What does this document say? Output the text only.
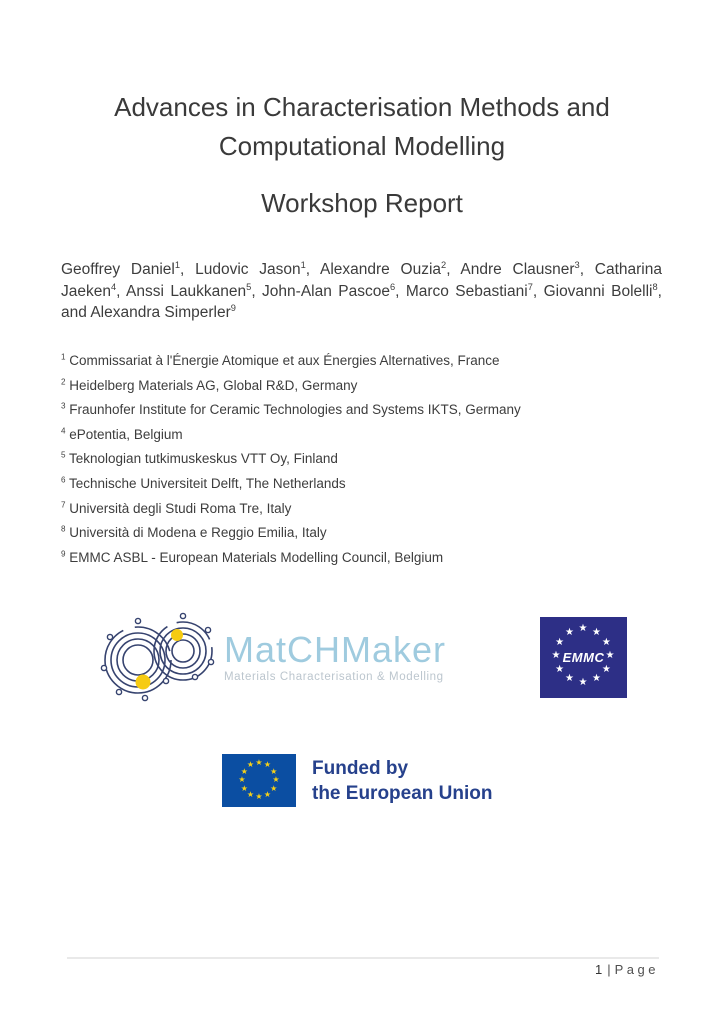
Advances in Characterisation Methods and
Computational Modelling
Workshop Report

Geoffrey Daniel$^1$, Ludovic Jason$^1$, Alexandre Ouzia$^2$, Andre Clausner$^3$, Catharina Jaeken$^4$, Anssi Laukkanen$^5$, John-Alan Pascoe$^6$, Marco Sebastiani$^7$, Giovanni Bolelli$^8$, and Alexandra Simperler$^9$

$^1$ Commissariat à l'Énergie Atomique et aux Énergies Alternatives, France
$^2$ Heidelberg Materials AG, Global R&D, Germany
$^3$ Fraunhofer Institute for Ceramic Technologies and Systems IKTS, Germany
$^4$ ePotentia, Belgium
$^5$ Teknologian tutkimuskeskus VTT Oy, Finland
$^6$ Technische Universiteit Delft, The Netherlands
$^7$ Università degli Studi Roma Tre, Italy
$^8$ Università di Modena e Reggio Emilia, Italy
$^9$ EMMC ASBL - European Materials Modelling Council, Belgium
MatCHMaker
Materials Characterisation & Modelling
★ ★
★
★
★
★
★
★
★
★
★
★
EMMC
★ ★
★
★
★
★
★
★
★
★
★
★	Funded by
the European Union
1 | Page
